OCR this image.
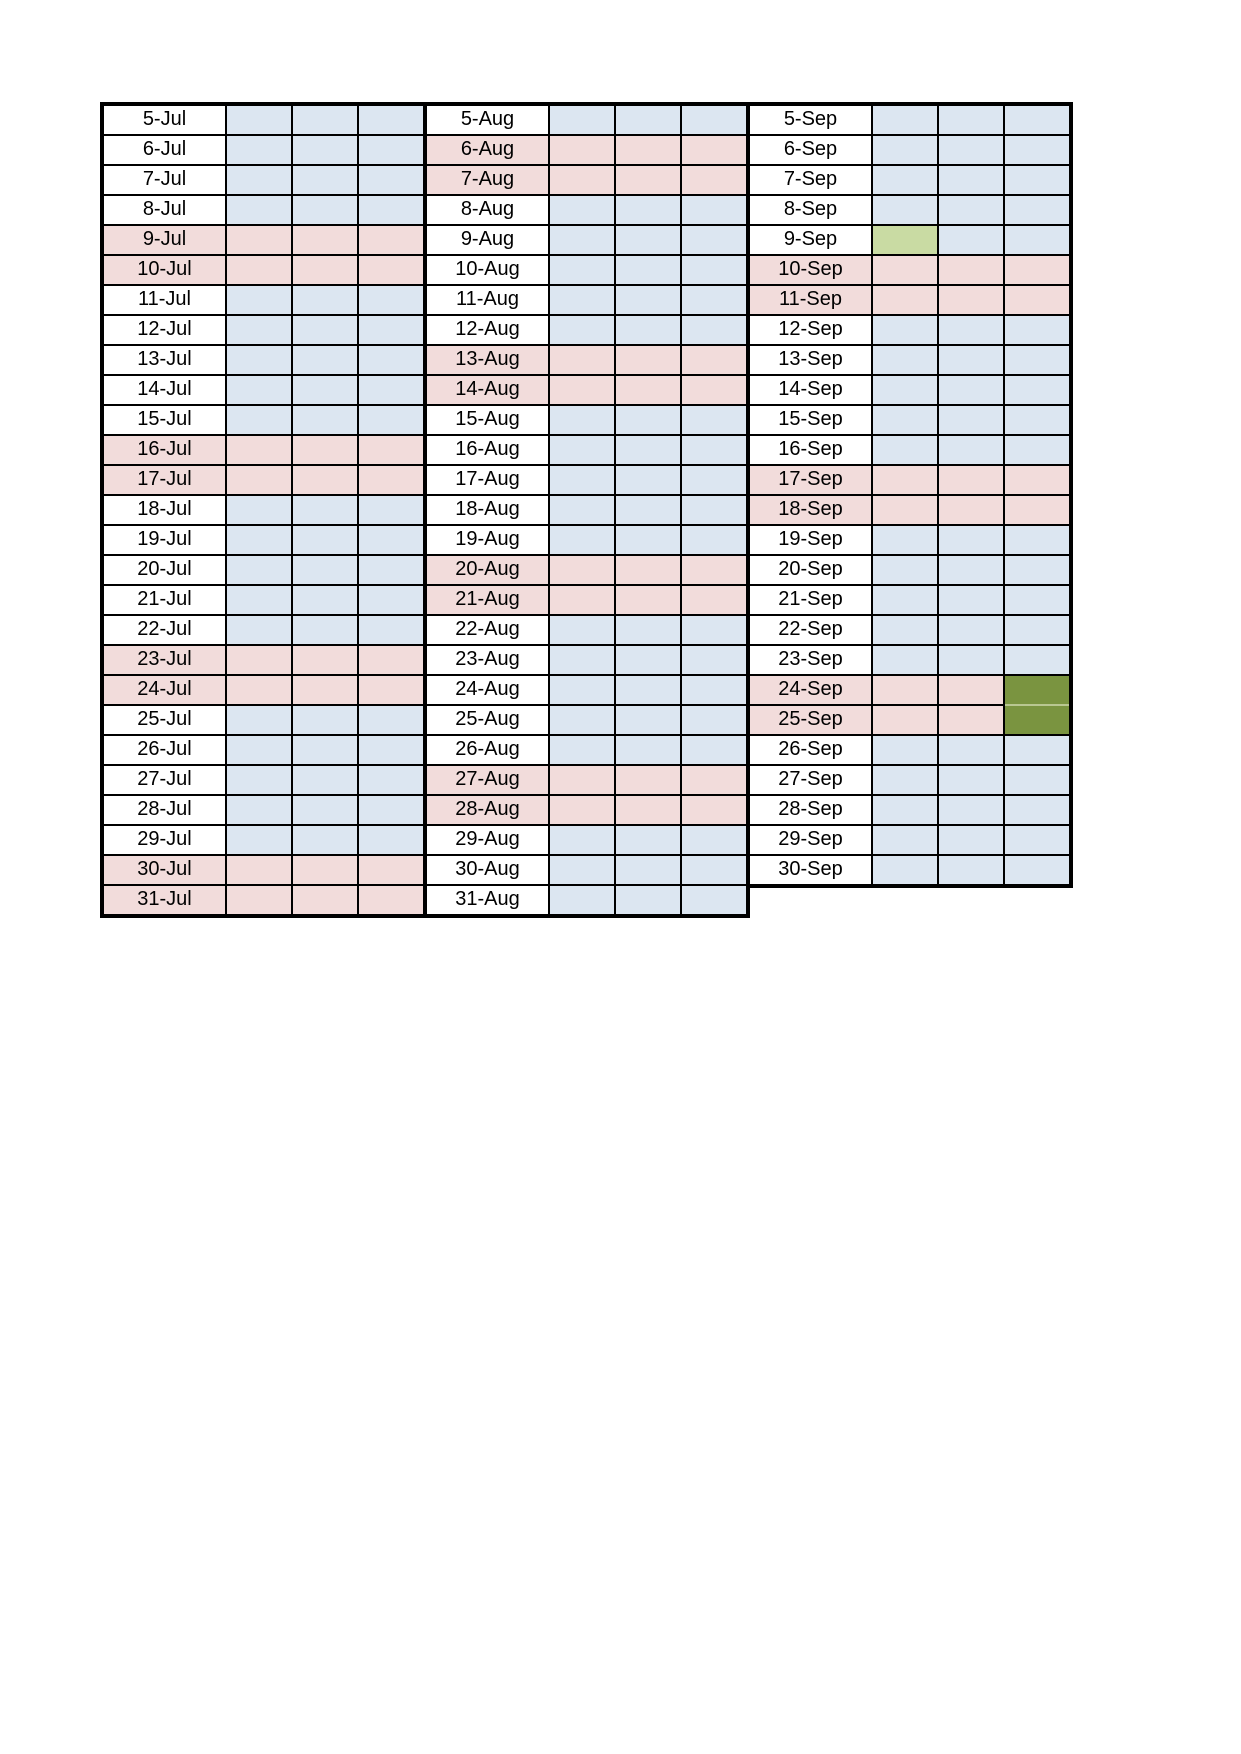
5-Jul
6-Jul
7-Jul
8-Jul
9-Jul
10-Jul
11-Jul
12-Jul
13-Jul
14-Jul
15-Jul
16-Jul
17-Jul
18-Jul
19-Jul
20-Jul
21-Jul
22-Jul
23-Jul
24-Jul
25-Jul
26-Jul
27-Jul
28-Jul
29-Jul
30-Jul
31-Jul
5-Aug
6-Aug
7-Aug
8-Aug
9-Aug
10-Aug
11-Aug
12-Aug
13-Aug
14-Aug
15-Aug
16-Aug
17-Aug
18-Aug
19-Aug
20-Aug
21-Aug
22-Aug
23-Aug
24-Aug
25-Aug
26-Aug
27-Aug
28-Aug
29-Aug
30-Aug
31-Aug
5-Sep
6-Sep
7-Sep
8-Sep
9-Sep
10-Sep
11-Sep
12-Sep
13-Sep
14-Sep
15-Sep
16-Sep
17-Sep
18-Sep
19-Sep
20-Sep
21-Sep
22-Sep
23-Sep
24-Sep
25-Sep
26-Sep
27-Sep
28-Sep
29-Sep
30-Sep
